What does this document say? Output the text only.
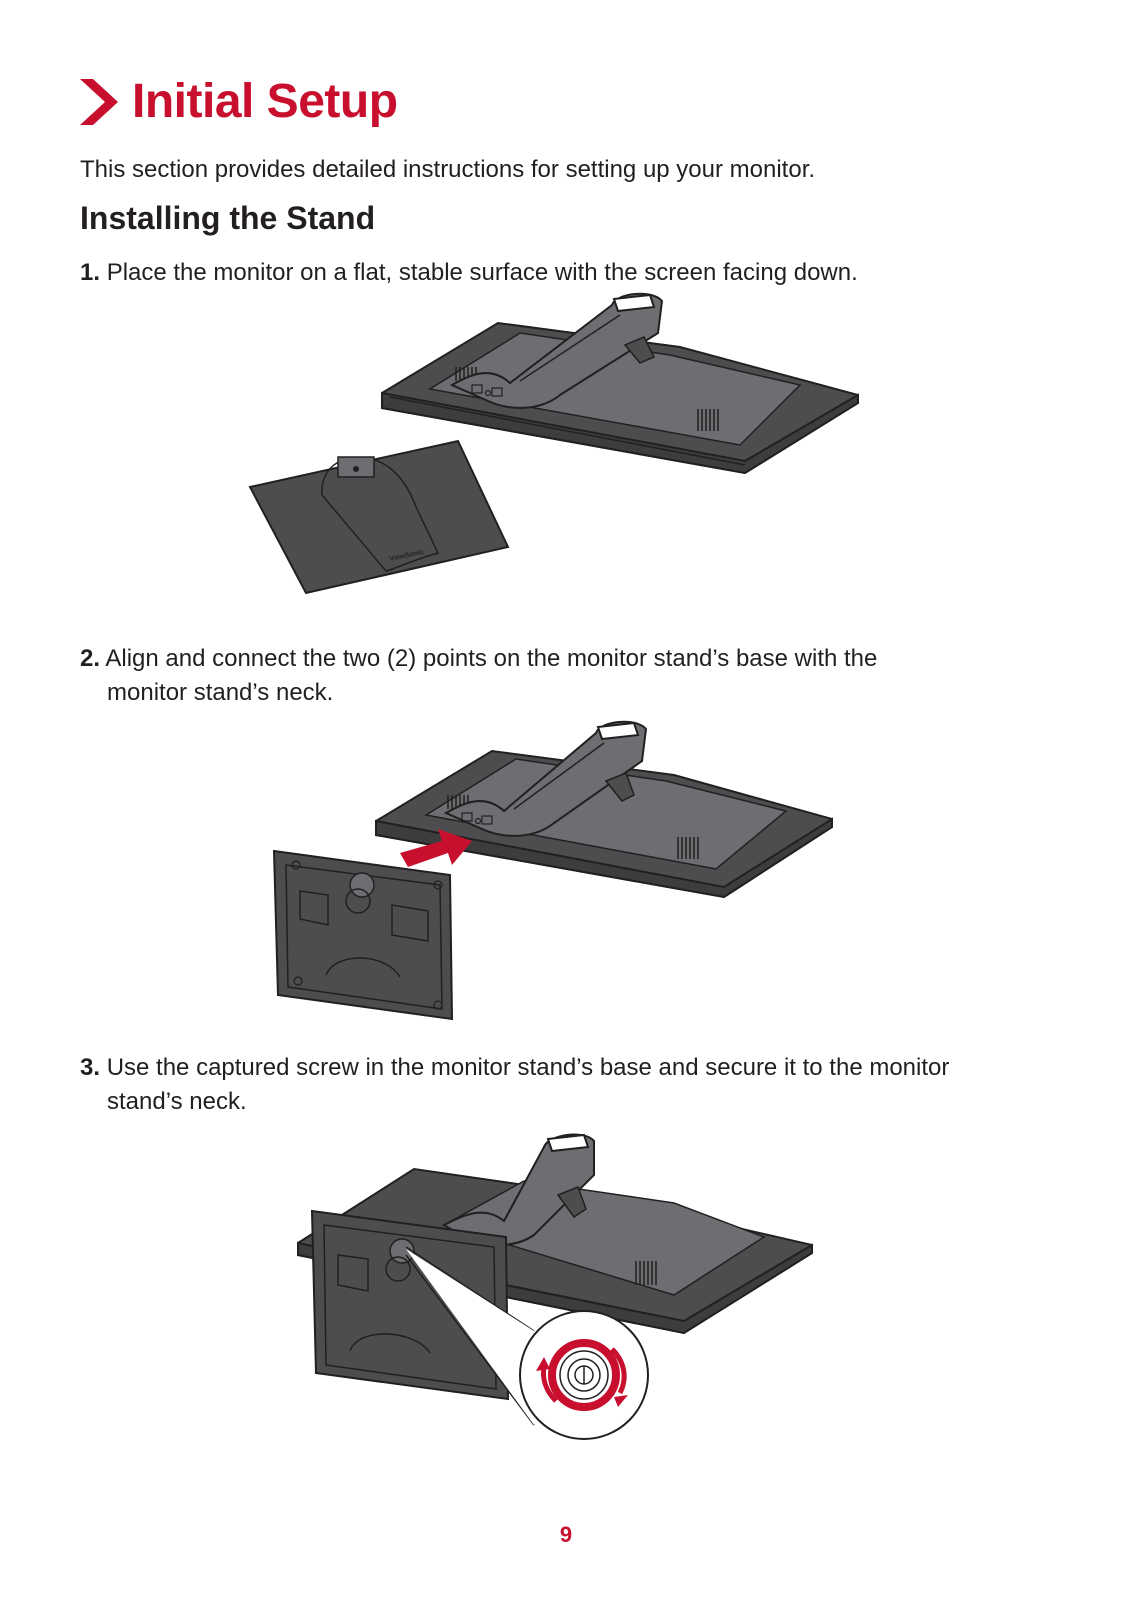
Initial Setup
This section provides detailed instructions for setting up your monitor.
Installing the Stand
1. Place the monitor on a flat, stable surface with the screen facing down.
ViewSonic
2. Align and connect the two (2) points on the monitor stand’s base with the
monitor stand’s neck.
3. Use the captured screw in the monitor stand’s base and secure it to the monitor
stand’s neck.
9
